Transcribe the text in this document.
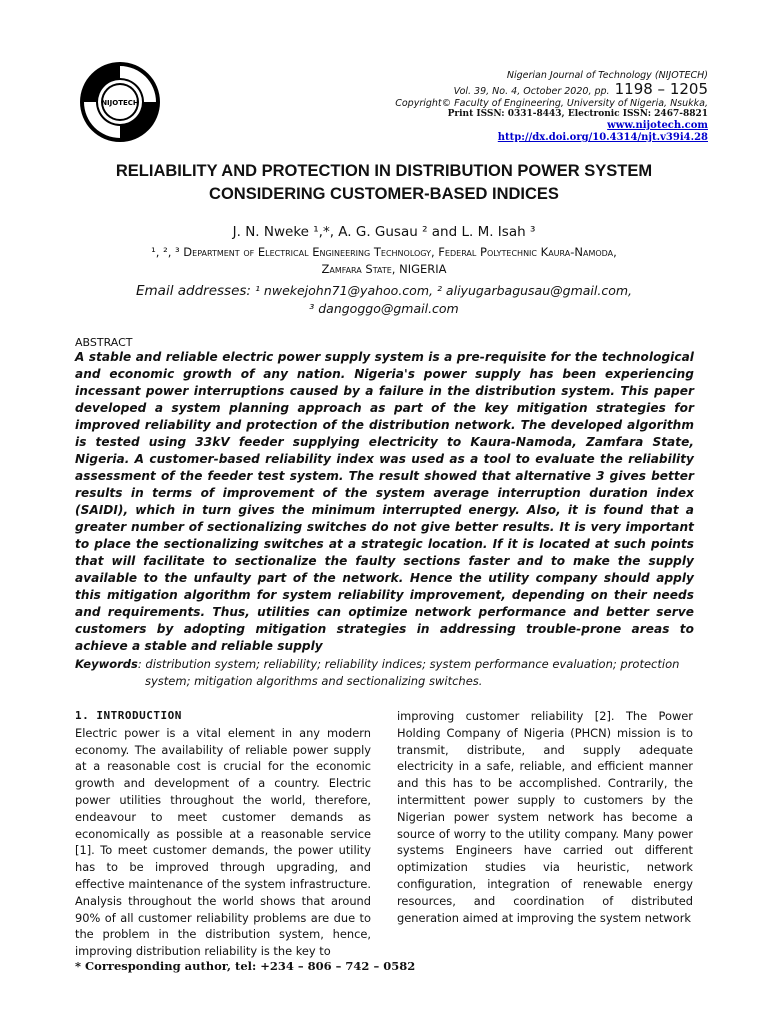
NIJOTECH
Nigerian Journal of Technology (NIJOTECH)
Vol. 39, No. 4, October 2020, pp. 1198 – 1205
Copyright© Faculty of Engineering, University of Nigeria, Nsukka,
Print ISSN: 0331-8443, Electronic ISSN: 2467-8821
www.nijotech.com
http://dx.doi.org/10.4314/njt.v39i4.28
RELIABILITY AND PROTECTION IN DISTRIBUTION POWER SYSTEM
CONSIDERING CUSTOMER-BASED INDICES
J. N. Nweke ¹,*, A. G. Gusau ² and L. M. Isah ³
¹, ², ³ Department of Electrical Engineering Technology, Federal Polytechnic Kaura-Namoda,
Zamfara State, NIGERIA
Email addresses: ¹ nwekejohn71@yahoo.com, ² aliyugarbagusau@gmail.com,
³ dangoggo@gmail.com
ABSTRACT
A stable and reliable electric power supply system is a pre-requisite for the technological and economic growth of any nation. Nigeria's power supply has been experiencing incessant power interruptions caused by a failure in the distribution system. This paper developed a system planning approach as part of the key mitigation strategies for improved reliability and protection of the distribution network. The developed algorithm is tested using 33kV feeder supplying electricity to Kaura-Namoda, Zamfara State, Nigeria. A customer-based reliability index was used as a tool to evaluate the reliability assessment of the feeder test system. The result showed that alternative 3 gives better results in terms of improvement of the system average interruption duration index (SAIDI), which in turn gives the minimum interrupted energy. Also, it is found that a greater number of sectionalizing switches do not give better results. It is very important to place the sectionalizing switches at a strategic location. If it is located at such points that will facilitate to sectionalize the faulty sections faster and to make the supply available to the unfaulty part of the network. Hence the utility company should apply this mitigation algorithm for system reliability improvement, depending on their needs and requirements. Thus, utilities can optimize network performance and better serve customers by adopting mitigation strategies in addressing trouble-prone areas to achieve a stable and reliable supply
Keywords: distribution system; reliability; reliability indices; system performance evaluation; protection
system; mitigation algorithms and sectionalizing switches.
1. INTRODUCTION
Electric power is a vital element in any modern economy. The availability of reliable power supply at a reasonable cost is crucial for the economic growth and development of a country. Electric power utilities throughout the world, therefore, endeavour to meet customer demands as economically as possible at a reasonable service [1]. To meet customer demands, the power utility has to be improved through upgrading, and effective maintenance of the system infrastructure. Analysis throughout the world shows that around 90% of all customer reliability problems are due to the problem in the distribution system, hence, improving distribution reliability is the key to
improving customer reliability [2]. The Power Holding Company of Nigeria (PHCN) mission is to transmit, distribute, and supply adequate electricity in a safe, reliable, and efficient manner and this has to be accomplished. Contrarily, the intermittent power supply to customers by the Nigerian power system network has become a source of worry to the utility company. Many power systems Engineers have carried out different optimization studies via heuristic, network configuration, integration of renewable energy resources, and coordination of distributed generation aimed at improving the system network
* Corresponding author, tel: +234 – 806 – 742 – 0582
